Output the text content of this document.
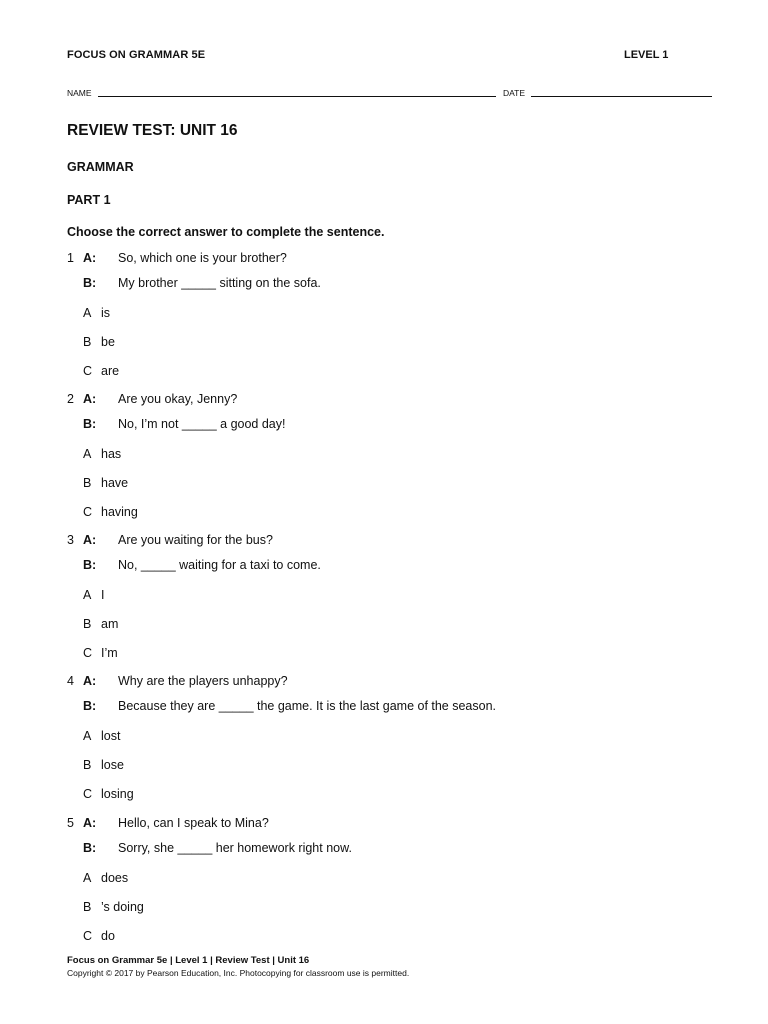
FOCUS ON GRAMMAR 5E	LEVEL 1
NAME	DATE
REVIEW TEST: UNIT 16
GRAMMAR
PART 1
Choose the correct answer to complete the sentence.
1 A: So, which one is your brother?
B: My brother _____ sitting on the sofa.
A is
B be
C are
2 A: Are you okay, Jenny?
B: No, I’m not _____ a good day!
A has
B have
C having
3 A: Are you waiting for the bus?
B: No, _____ waiting for a taxi to come.
A I
B am
C I’m
4 A: Why are the players unhappy?
B: Because they are _____ the game. It is the last game of the season.
A lost
B lose
C losing
5 A: Hello, can I speak to Mina?
B: Sorry, she _____ her homework right now.
A does
B ’s doing
C do
Focus on Grammar 5e | Level 1 | Review Test | Unit 16
Copyright © 2017 by Pearson Education, Inc. Photocopying for classroom use is permitted.
